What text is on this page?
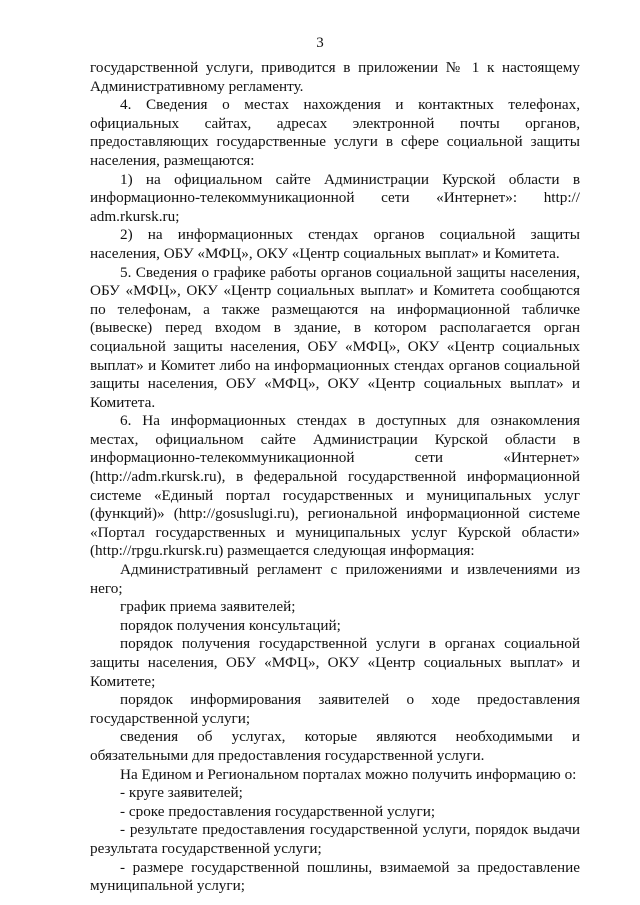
3

государственной услуги, приводится в приложении № 1 к настоящему Административному регламенту.

4. Сведения о местах нахождения и контактных телефонах, официальных сайтах, адресах электронной почты органов, предоставляющих государственные услуги в сфере социальной защиты населения, размещаются:

1) на официальном сайте Администрации Курской области в информационно-телекоммуникационной сети «Интернет»: http:// adm.rkursk.ru;

2) на информационных стендах органов социальной защиты населения, ОБУ «МФЦ», ОКУ «Центр социальных выплат» и Комитета.

5. Сведения о графике работы органов социальной защиты населения, ОБУ «МФЦ», ОКУ «Центр социальных выплат» и Комитета сообщаются по телефонам, а также размещаются на информационной табличке (вывеске) перед входом в здание, в котором располагается орган социальной защиты населения, ОБУ «МФЦ», ОКУ «Центр социальных выплат» и Комитет либо на информационных стендах органов социальной защиты населения, ОБУ «МФЦ», ОКУ «Центр социальных выплат» и Комитета.

6. На информационных стендах в доступных для ознакомления местах, официальном сайте Администрации Курской области в информационно-телекоммуникационной сети «Интернет» (http://adm.rkursk.ru), в федеральной государственной информационной системе «Единый портал государственных и муниципальных услуг (функций)» (http://gosuslugi.ru), региональной информационной системе «Портал государственных и муниципальных услуг Курской области» (http://rpgu.rkursk.ru) размещается следующая информация:

Административный регламент с приложениями и извлечениями из него;

график приема заявителей;

порядок получения консультаций;

порядок получения государственной услуги в органах социальной защиты населения, ОБУ «МФЦ», ОКУ «Центр социальных выплат» и Комитете;

порядок информирования заявителей о ходе предоставления государственной услуги;

сведения об услугах, которые являются необходимыми и обязательными для предоставления государственной услуги.

На Едином и Региональном порталах можно получить информацию о:

- круге заявителей;

- сроке предоставления государственной услуги;

- результате предоставления государственной услуги, порядок выдачи результата государственной услуги;

- размере государственной пошлины, взимаемой за предоставление муниципальной услуги;
